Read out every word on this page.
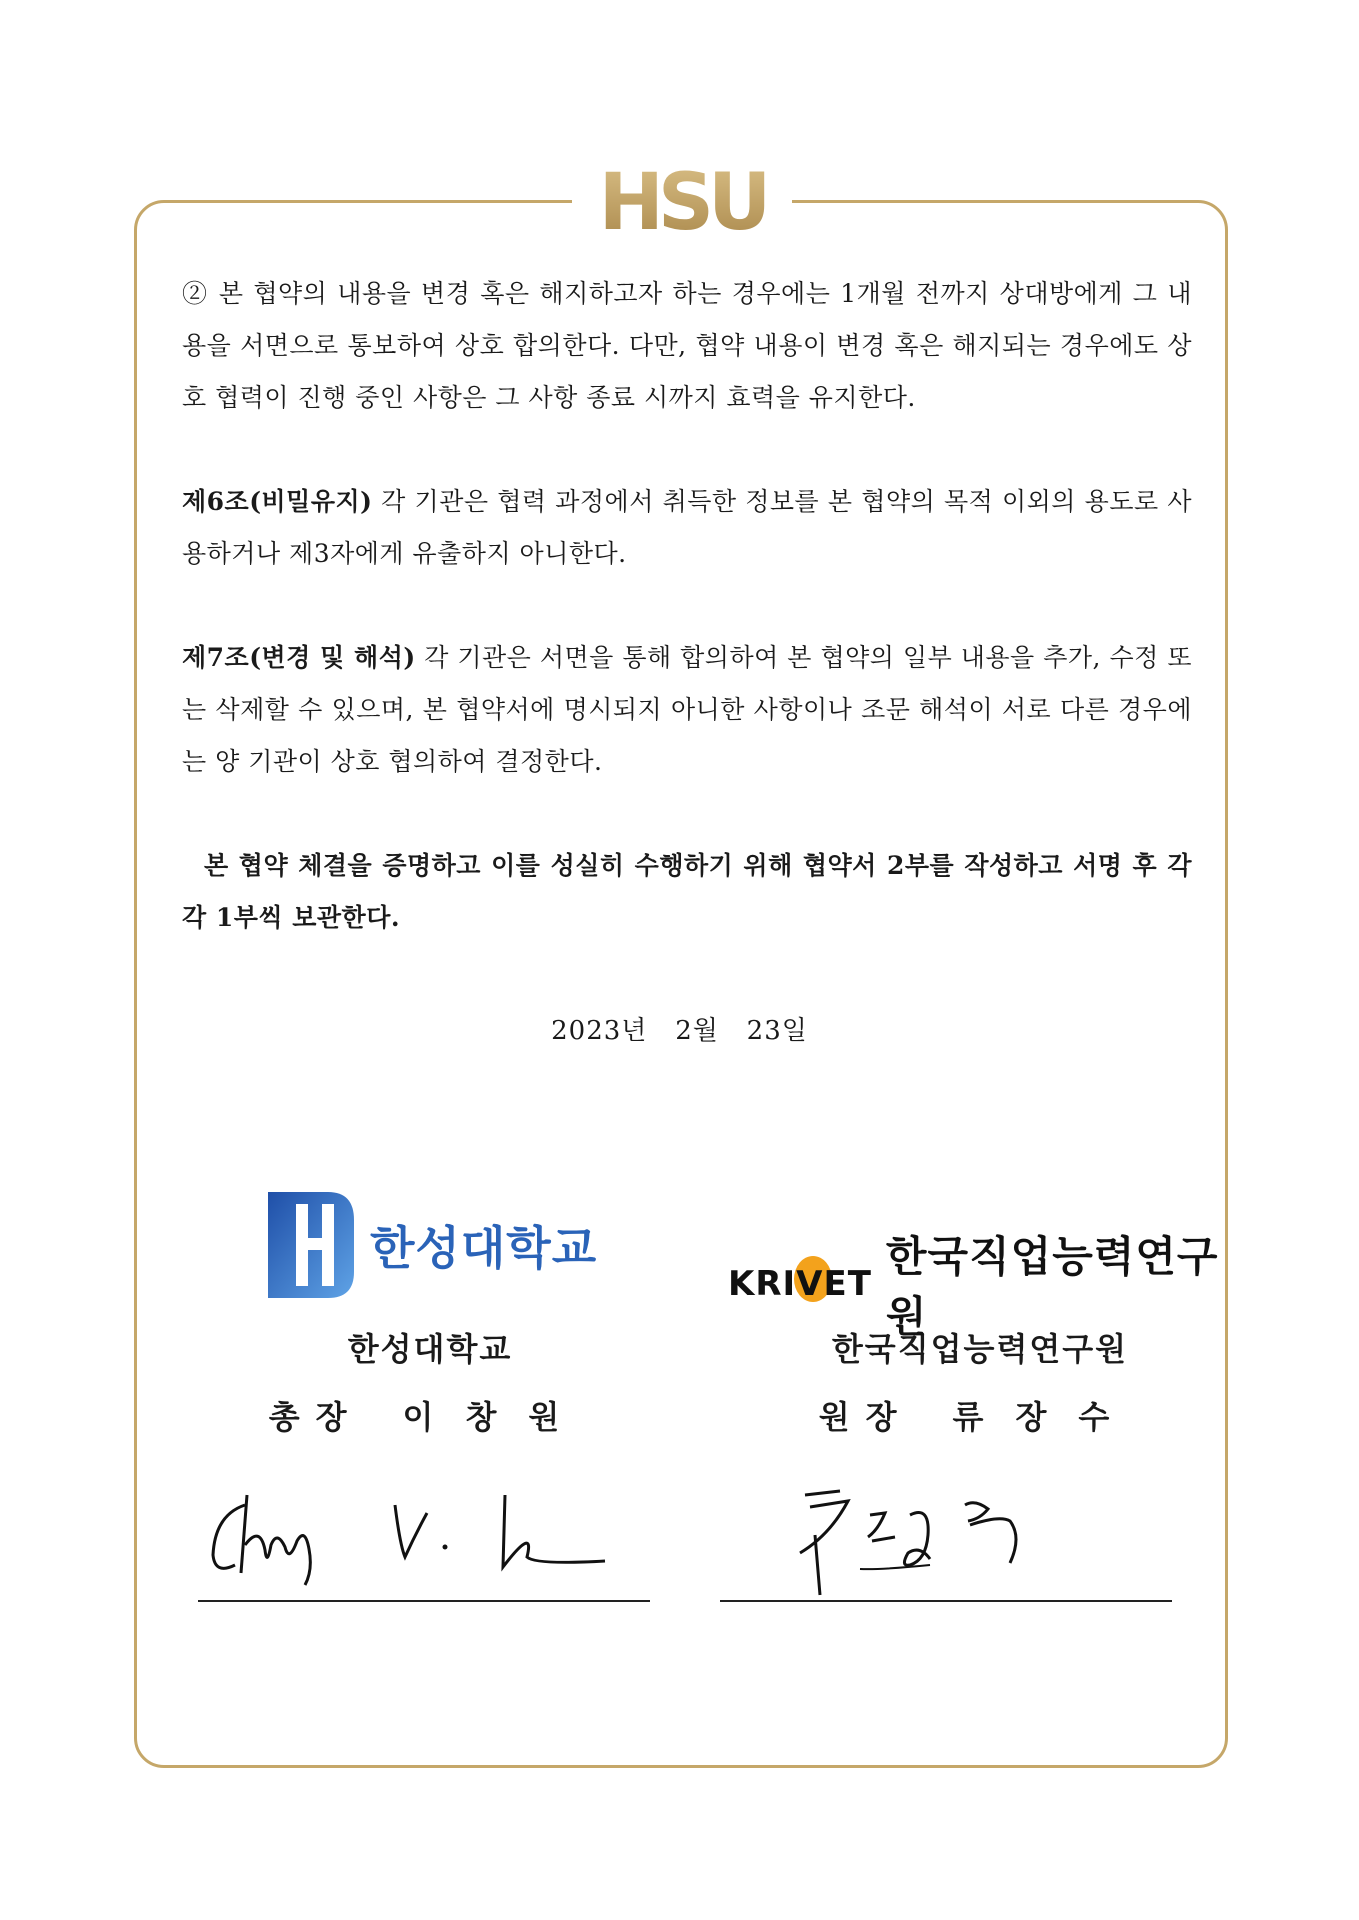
HSU

② 본 협약의 내용을 변경 혹은 해지하고자 하는 경우에는 1개월 전까지 상대방에게 그 내용을 서면으로 통보하여 상호 합의한다. 다만, 협약 내용이 변경 혹은 해지되는 경우에도 상호 협력이 진행 중인 사항은 그 사항 종료 시까지 효력을 유지한다.

제6조(비밀유지) 각 기관은 협력 과정에서 취득한 정보를 본 협약의 목적 이외의 용도로 사용하거나 제3자에게 유출하지 아니한다.

제7조(변경 및 해석) 각 기관은 서면을 통해 합의하여 본 협약의 일부 내용을 추가, 수정 또는 삭제할 수 있으며, 본 협약서에 명시되지 아니한 사항이나 조문 해석이 서로 다른 경우에는 양 기관이 상호 협의하여 결정한다.

본 협약 체결을 증명하고 이를 성실히 수행하기 위해 협약서 2부를 작성하고 서명 후 각각 1부씩 보관한다.

2023년   2월   23일
한성대학교
한성대학교
총장 이창원
KRIVET
한국직업능력연구원
한국직업능력연구원
원장 류장수
